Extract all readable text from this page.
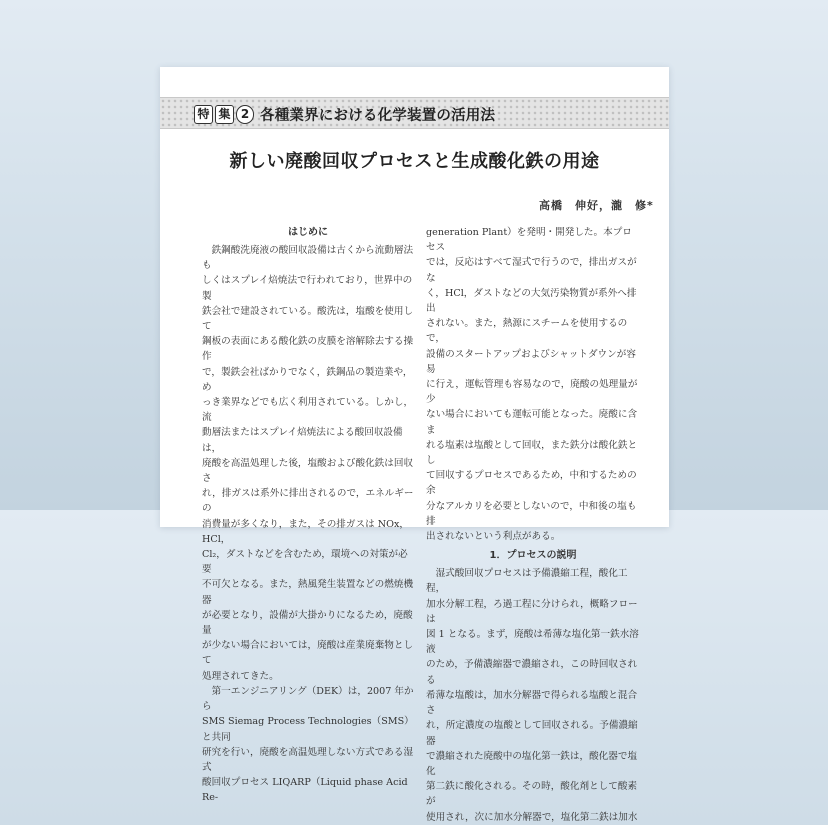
特 集 2 各種業界における化学装置の活用法
新しい廃酸回収プロセスと生成酸化鉄の用途
高橋　伸好，瀧　修*
はじめに

　鉄鋼酸洗廃液の酸回収設備は古くから流動層法も

しくはスプレイ焙焼法で行われており，世界中の製

鉄会社で建設されている。酸洗は，塩酸を使用して

鋼板の表面にある酸化鉄の皮膜を溶解除去する操作

で，製鉄会社ばかりでなく，鉄鋼品の製造業や，め

っき業界などでも広く利用されている。しかし，流

動層法またはスプレイ焙焼法による酸回収設備は，

廃酸を高温処理した後，塩酸および酸化鉄は回収さ

れ，排ガスは系外に排出されるので，エネルギーの

消費量が多くなり，また，その排ガスは NOx，HCl，

Cl₂，ダストなどを含むため，環境への対策が必要

不可欠となる。また，熱風発生装置などの燃焼機器

が必要となり，設備が大掛かりになるため，廃酸量

が少ない場合においては，廃酸は産業廃棄物として

処理されてきた。

　第一エンジニアリング（DEK）は，2007 年から

SMS Siemag Process Technologies（SMS）と共同

研究を行い，廃酸を高温処理しない方式である湿式

酸回収プロセス LIQARP（Liquid phase Acid Re-

generation Plant）を発明・開発した。本プロセス

では，反応はすべて湿式で行うので，排出ガスがな

く，HCl，ダストなどの大気汚染物質が系外へ排出

されない。また，熱源にスチームを使用するので，

設備のスタートアップおよびシャットダウンが容易

に行え，運転管理も容易なので，廃酸の処理量が少

ない場合においても運転可能となった。廃酸に含ま

れる塩素は塩酸として回収，また鉄分は酸化鉄とし

て回収するプロセスであるため，中和するための余

分なアルカリを必要としないので，中和後の塩も排

出されないという利点がある。

1．プロセスの説明

　湿式酸回収プロセスは予備濃縮工程，酸化工程，

加水分解工程，ろ過工程に分けられ，概略フローは

図 1 となる。まず，廃酸は希薄な塩化第一鉄水溶液

のため，予備濃縮器で濃縮され，この時回収される

希薄な塩酸は，加水分解器で得られる塩酸と混合さ

れ，所定濃度の塩酸として回収される。予備濃縮器

で濃縮された廃酸中の塩化第一鉄は，酸化器で塩化

第二鉄に酸化される。その時，酸化剤として酸素が

使用され，次に加水分解器で，塩化第二鉄は加水
